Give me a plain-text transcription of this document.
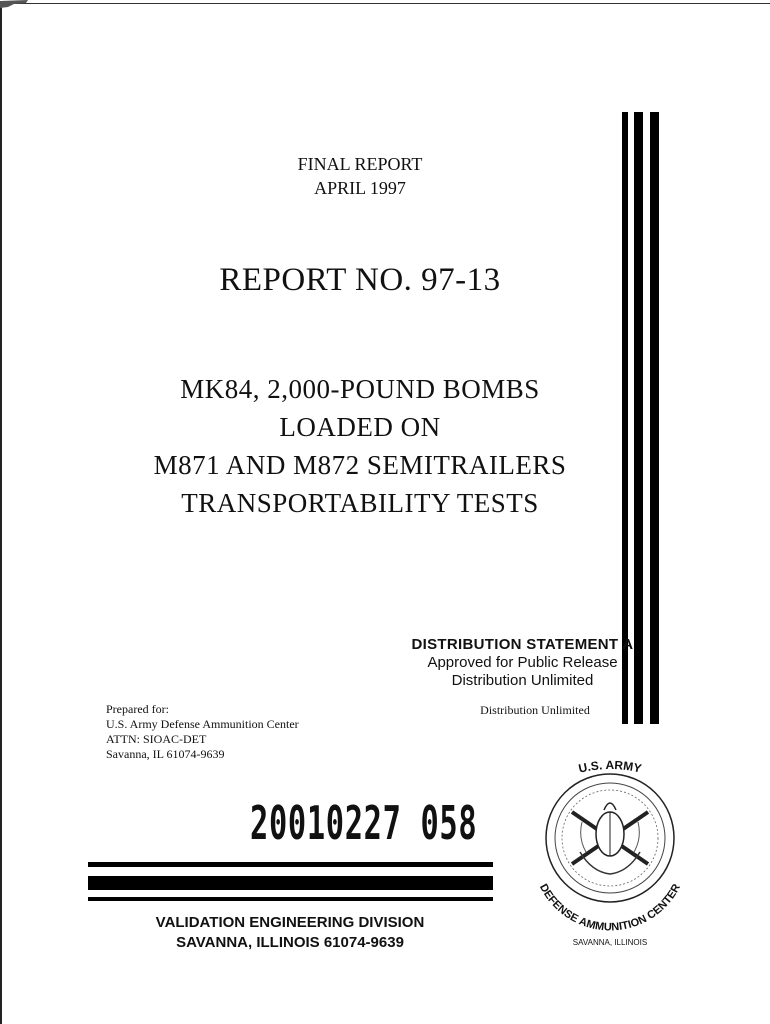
FINAL REPORT
APRIL 1997
REPORT NO. 97-13
MK84, 2,000-POUND BOMBS
LOADED ON
M871 AND M872 SEMITRAILERS
TRANSPORTABILITY TESTS
DISTRIBUTION STATEMENT A
Approved for Public Release
Distribution Unlimited
Prepared for:
U.S. Army Defense Ammunition Center
ATTN: SIOAC-DET
Savanna, IL 61074-9639
Distribution Unlimited
20010227 058
VALIDATION ENGINEERING DIVISION
SAVANNA, ILLINOIS 61074-9639
U.S. ARMY
DEFENSE AMMUNITION CENTER
SAVANNA, ILLINOIS
